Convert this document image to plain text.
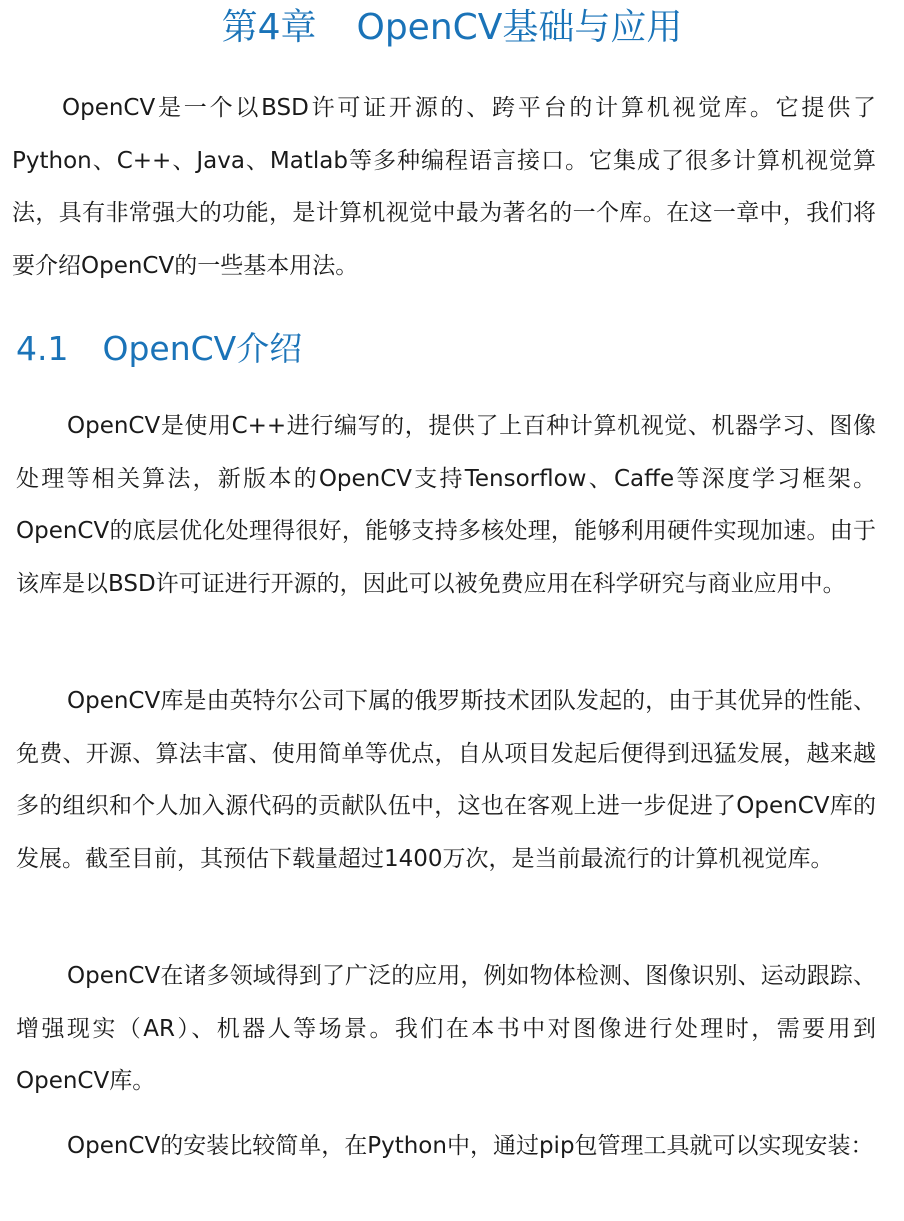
第4章 OpenCV基础与应用

OpenCV是一个以BSD许可证开源的、跨平台的计算机视觉库。它提供了Python、C++、Java、Matlab等多种编程语言接口。它集成了很多计算机视觉算法，具有非常强大的功能，是计算机视觉中最为著名的一个库。在这一章中，我们将要介绍OpenCV的一些基本用法。

4.1 OpenCV介绍

OpenCV是使用C++进行编写的，提供了上百种计算机视觉、机器学习、图像处理等相关算法，新版本的OpenCV支持Tensorflow、Caffe等深度学习框架。OpenCV的底层优化处理得很好，能够支持多核处理，能够利用硬件实现加速。由于该库是以BSD许可证进行开源的，因此可以被免费应用在科学研究与商业应用中。

OpenCV库是由英特尔公司下属的俄罗斯技术团队发起的，由于其优异的性能、免费、开源、算法丰富、使用简单等优点，自从项目发起后便得到迅猛发展，越来越多的组织和个人加入源代码的贡献队伍中，这也在客观上进一步促进了OpenCV库的发展。截至目前，其预估下载量超过1400万次，是当前最流行的计算机视觉库。

OpenCV在诸多领域得到了广泛的应用，例如物体检测、图像识别、运动跟踪、增强现实（AR）、机器人等场景。我们在本书中对图像进行处理时，需要用到OpenCV库。

OpenCV的安装比较简单，在Python中，通过pip包管理工具就可以实现安装：
